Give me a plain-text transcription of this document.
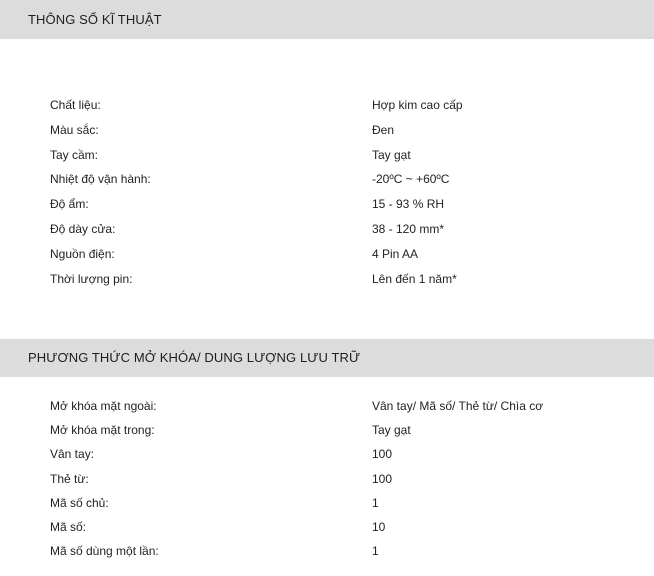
THÔNG SỐ KĨ THUẬT
Chất liệu:	Hợp kim cao cấp
Màu sắc:	Đen
Tay cầm:	Tay gạt
Nhiệt độ vận hành:	-20ºC ~ +60ºC
Độ ẩm:	15 - 93 % RH
Độ dày cửa:	38 - 120 mm*
Nguồn điện:	4 Pin AA
Thời lượng pin:	Lên đến 1 năm*
PHƯƠNG THỨC MỞ KHÓA/ DUNG LƯỢNG LƯU TRỮ
Mở khóa mặt ngoài:	Vân tay/ Mã số/ Thẻ từ/ Chìa cơ
Mở khóa mặt trong:	Tay gạt
Vân tay:	100
Thẻ từ:	100
Mã số chủ:	1
Mã số:	10
Mã số dùng một lần:	1
